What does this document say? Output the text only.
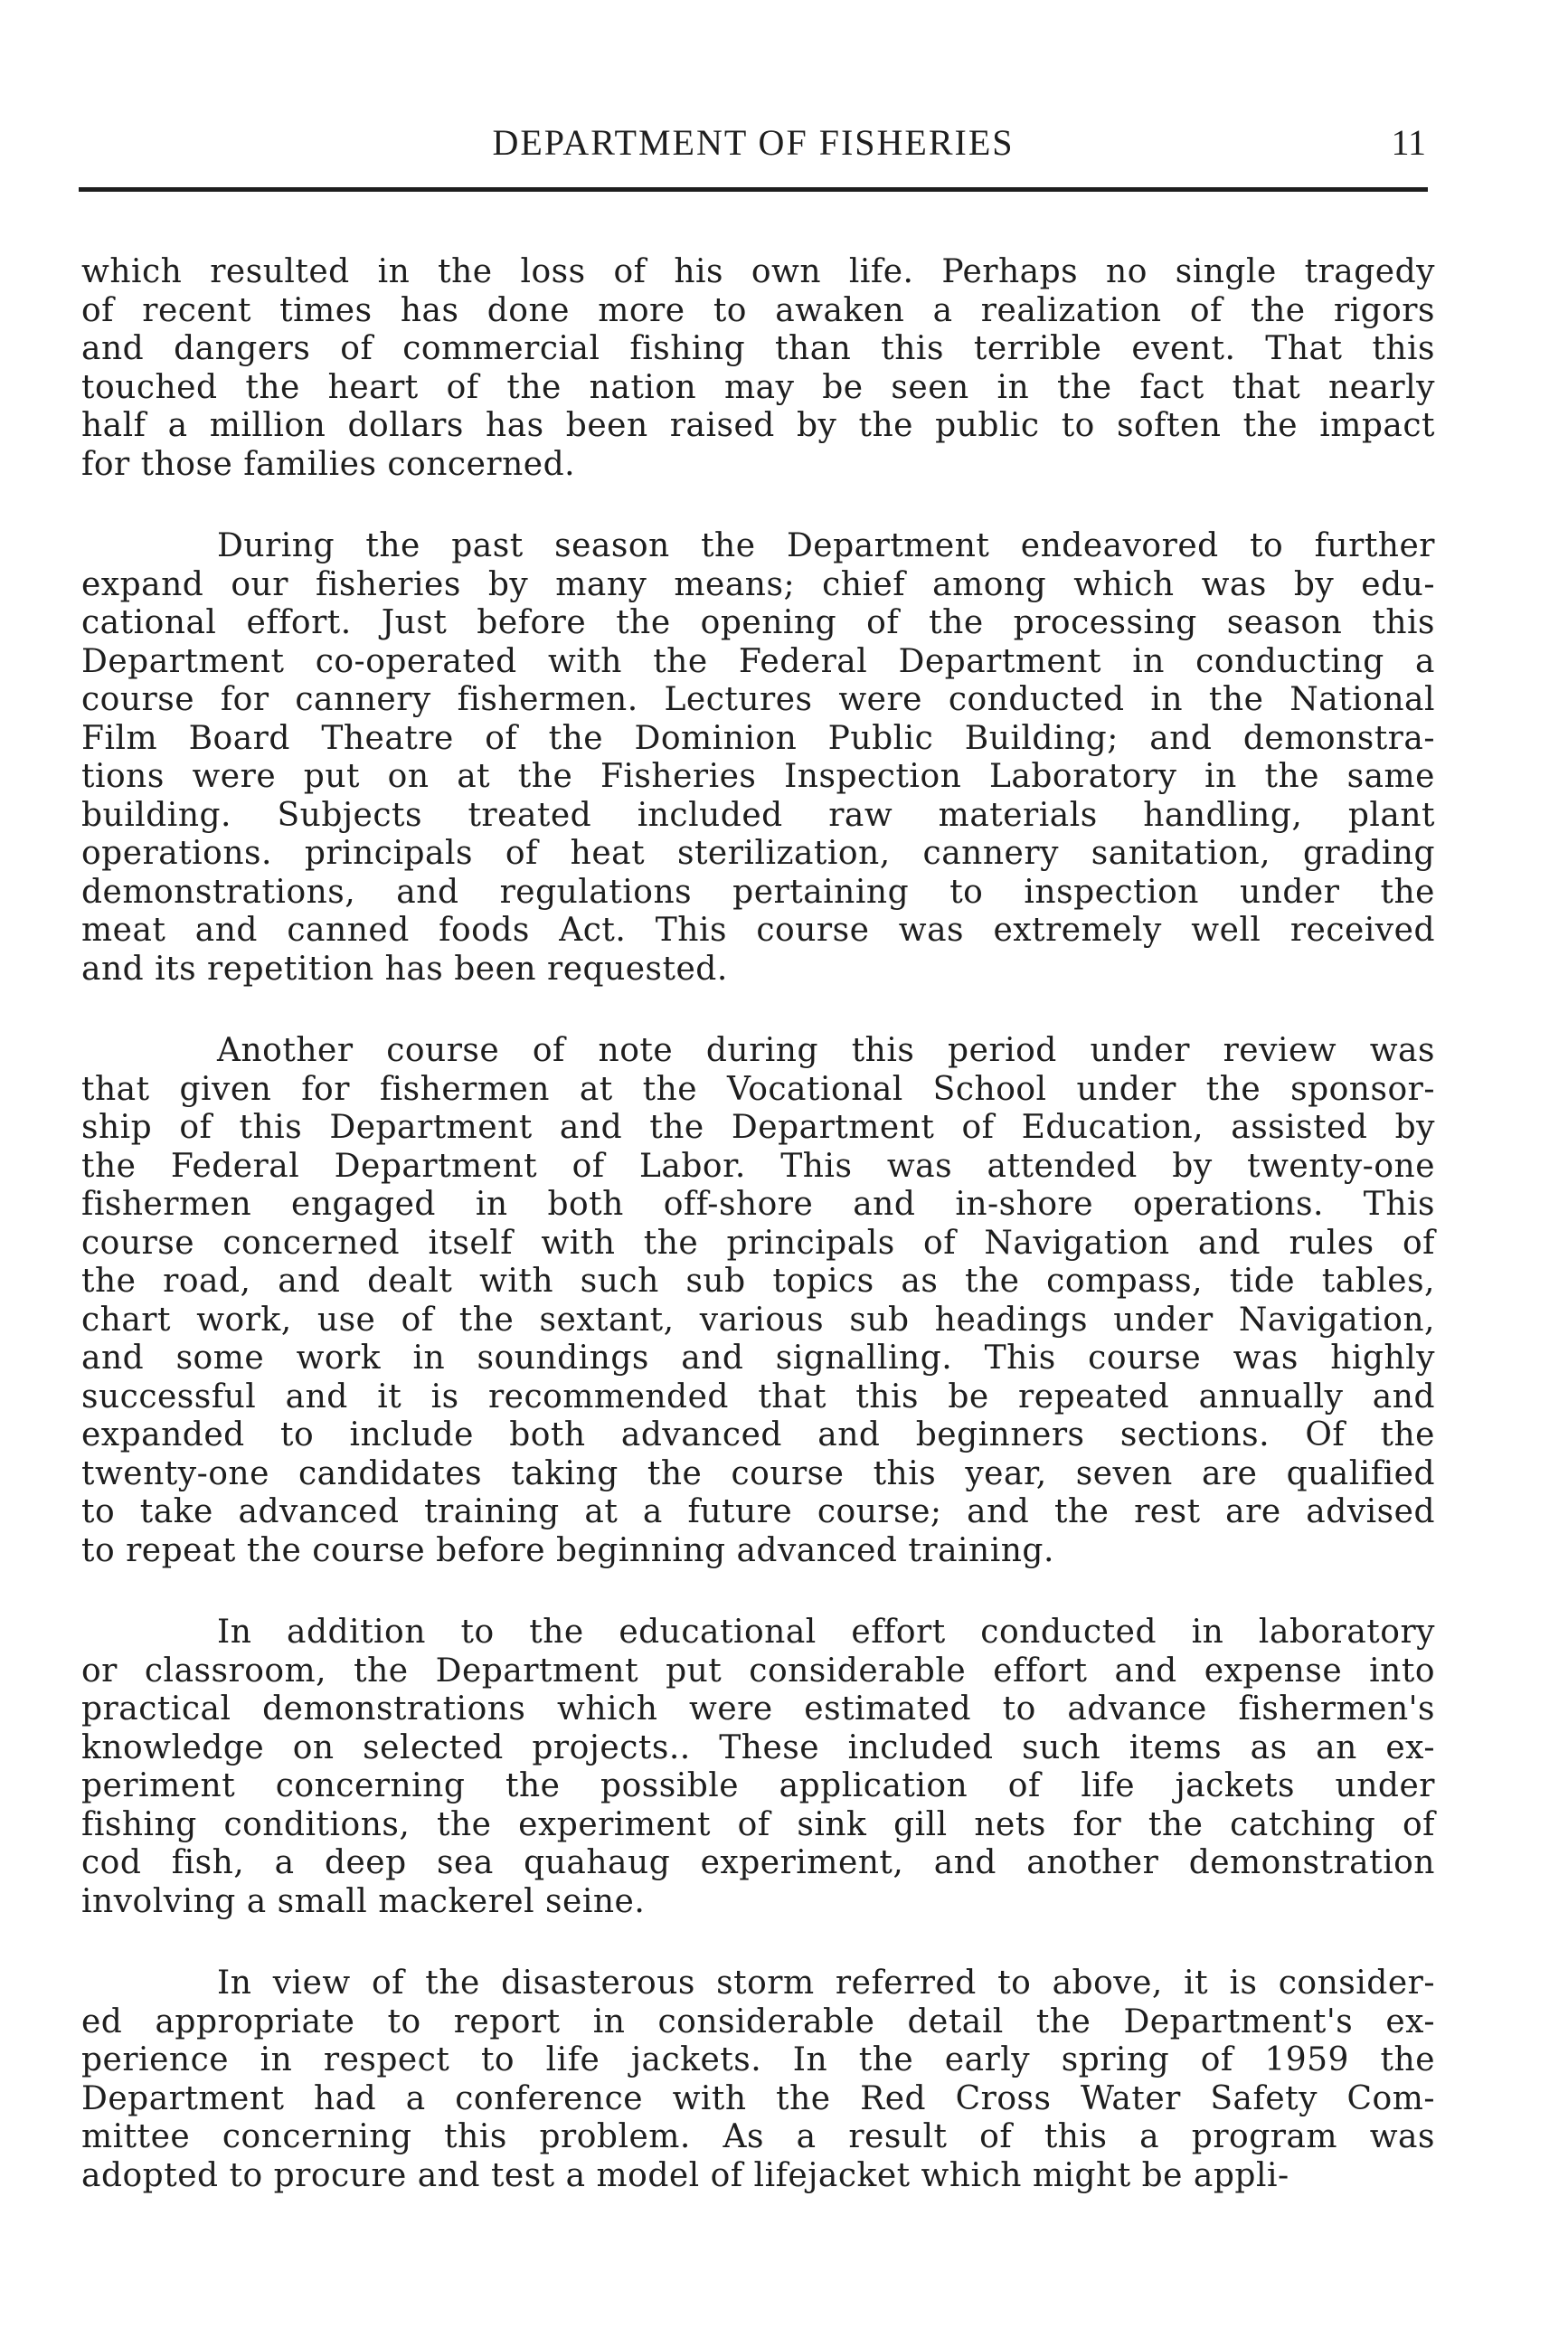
DEPARTMENT OF FISHERIES	11
which resulted in the loss of his own life. Perhaps no single tragedy
of recent times has done more to awaken a realization of the rigors
and dangers of commercial fishing than this terrible event. That this
touched the heart of the nation may be seen in the fact that nearly
half a million dollars has been raised by the public to soften the impact
for those families concerned.
During the past season the Department endeavored to further
expand our fisheries by many means; chief among which was by edu-
cational effort. Just before the opening of the processing season this
Department co-operated with the Federal Department in conducting a
course for cannery fishermen. Lectures were conducted in the National
Film Board Theatre of the Dominion Public Building; and demonstra-
tions were put on at the Fisheries Inspection Laboratory in the same
building. Subjects treated included raw materials handling, plant
operations. principals of heat sterilization, cannery sanitation, grading
demonstrations, and regulations pertaining to inspection under the
meat and canned foods Act. This course was extremely well received
and its repetition has been requested.
Another course of note during this period under review was
that given for fishermen at the Vocational School under the sponsor-
ship of this Department and the Department of Education, assisted by
the Federal Department of Labor. This was attended by twenty-one
fishermen engaged in both off-shore and in-shore operations. This
course concerned itself with the principals of Navigation and rules of
the road, and dealt with such sub topics as the compass, tide tables,
chart work, use of the sextant, various sub headings under Navigation,
and some work in soundings and signalling. This course was highly
successful and it is recommended that this be repeated annually and
expanded to include both advanced and beginners sections. Of the
twenty-one candidates taking the course this year, seven are qualified
to take advanced training at a future course; and the rest are advised
to repeat the course before beginning advanced training.
In addition to the educational effort conducted in laboratory
or classroom, the Department put considerable effort and expense into
practical demonstrations which were estimated to advance fishermen's
knowledge on selected projects.. These included such items as an ex-
periment concerning the possible application of life jackets under
fishing conditions, the experiment of sink gill nets for the catching of
cod fish, a deep sea quahaug experiment, and another demonstration
involving a small mackerel seine.
In view of the disasterous storm referred to above, it is consider-
ed appropriate to report in considerable detail the Department's ex-
perience in respect to life jackets. In the early spring of 1959 the
Department had a conference with the Red Cross Water Safety Com-
mittee concerning this problem. As a result of this a program was
adopted to procure and test a model of lifejacket which might be appli-
